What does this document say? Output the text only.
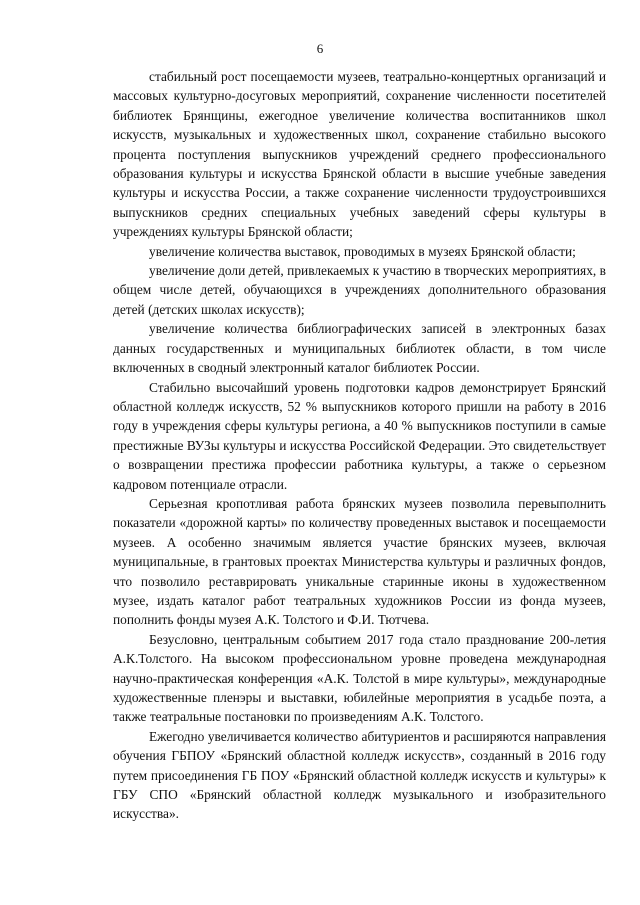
6

стабильный рост посещаемости музеев, театрально-концертных организаций и массовых культурно-досуговых мероприятий, сохранение численности посетителей библиотек Брянщины, ежегодное увеличение количества воспитанников школ искусств, музыкальных и художественных школ, сохранение стабильно высокого процента поступления выпускников учреждений среднего профессионального образования культуры и искусства Брянской области в высшие учебные заведения культуры и искусства России, а также сохранение численности трудоустроившихся выпускников средних специальных учебных заведений сферы культуры в учреждениях культуры Брянской области;

увеличение количества выставок, проводимых в музеях Брянской области;

увеличение доли детей, привлекаемых к участию в творческих мероприятиях, в общем числе детей, обучающихся в учреждениях дополнительного образования детей (детских школах искусств);

увеличение количества библиографических записей в электронных базах данных государственных и муниципальных библиотек области, в том числе включенных в сводный электронный каталог библиотек России.

Стабильно высочайший уровень подготовки кадров демонстрирует Брянский областной колледж искусств, 52 % выпускников которого пришли на работу в 2016 году в учреждения сферы культуры региона, а 40 % выпускников поступили в самые престижные ВУЗы культуры и искусства Российской Федерации. Это свидетельствует о возвращении престижа профессии работника культуры, а также о серьезном кадровом потенциале отрасли.

Серьезная кропотливая работа брянских музеев позволила перевыполнить показатели «дорожной карты» по количеству проведенных выставок и посещаемости музеев. А особенно значимым является участие брянских музеев, включая муниципальные, в грантовых проектах Министерства культуры и различных фондов, что позволило реставрировать уникальные старинные иконы в художественном музее, издать каталог работ театральных художников России из фонда музеев, пополнить фонды музея А.К. Толстого и Ф.И. Тютчева.

Безусловно, центральным событием 2017 года стало празднование 200-летия А.К.Толстого. На высоком профессиональном уровне проведена международная научно-практическая конференция «А.К. Толстой в мире культуры», международные художественные пленэры и выставки, юбилейные мероприятия в усадьбе поэта, а также театральные постановки по произведениям А.К. Толстого.

Ежегодно увеличивается количество абитуриентов и расширяются направления обучения ГБПОУ «Брянский областной колледж искусств», созданный в 2016 году путем присоединения ГБ ПОУ «Брянский областной колледж искусств и культуры» к ГБУ СПО «Брянский областной колледж музыкального и изобразительного искусства».
